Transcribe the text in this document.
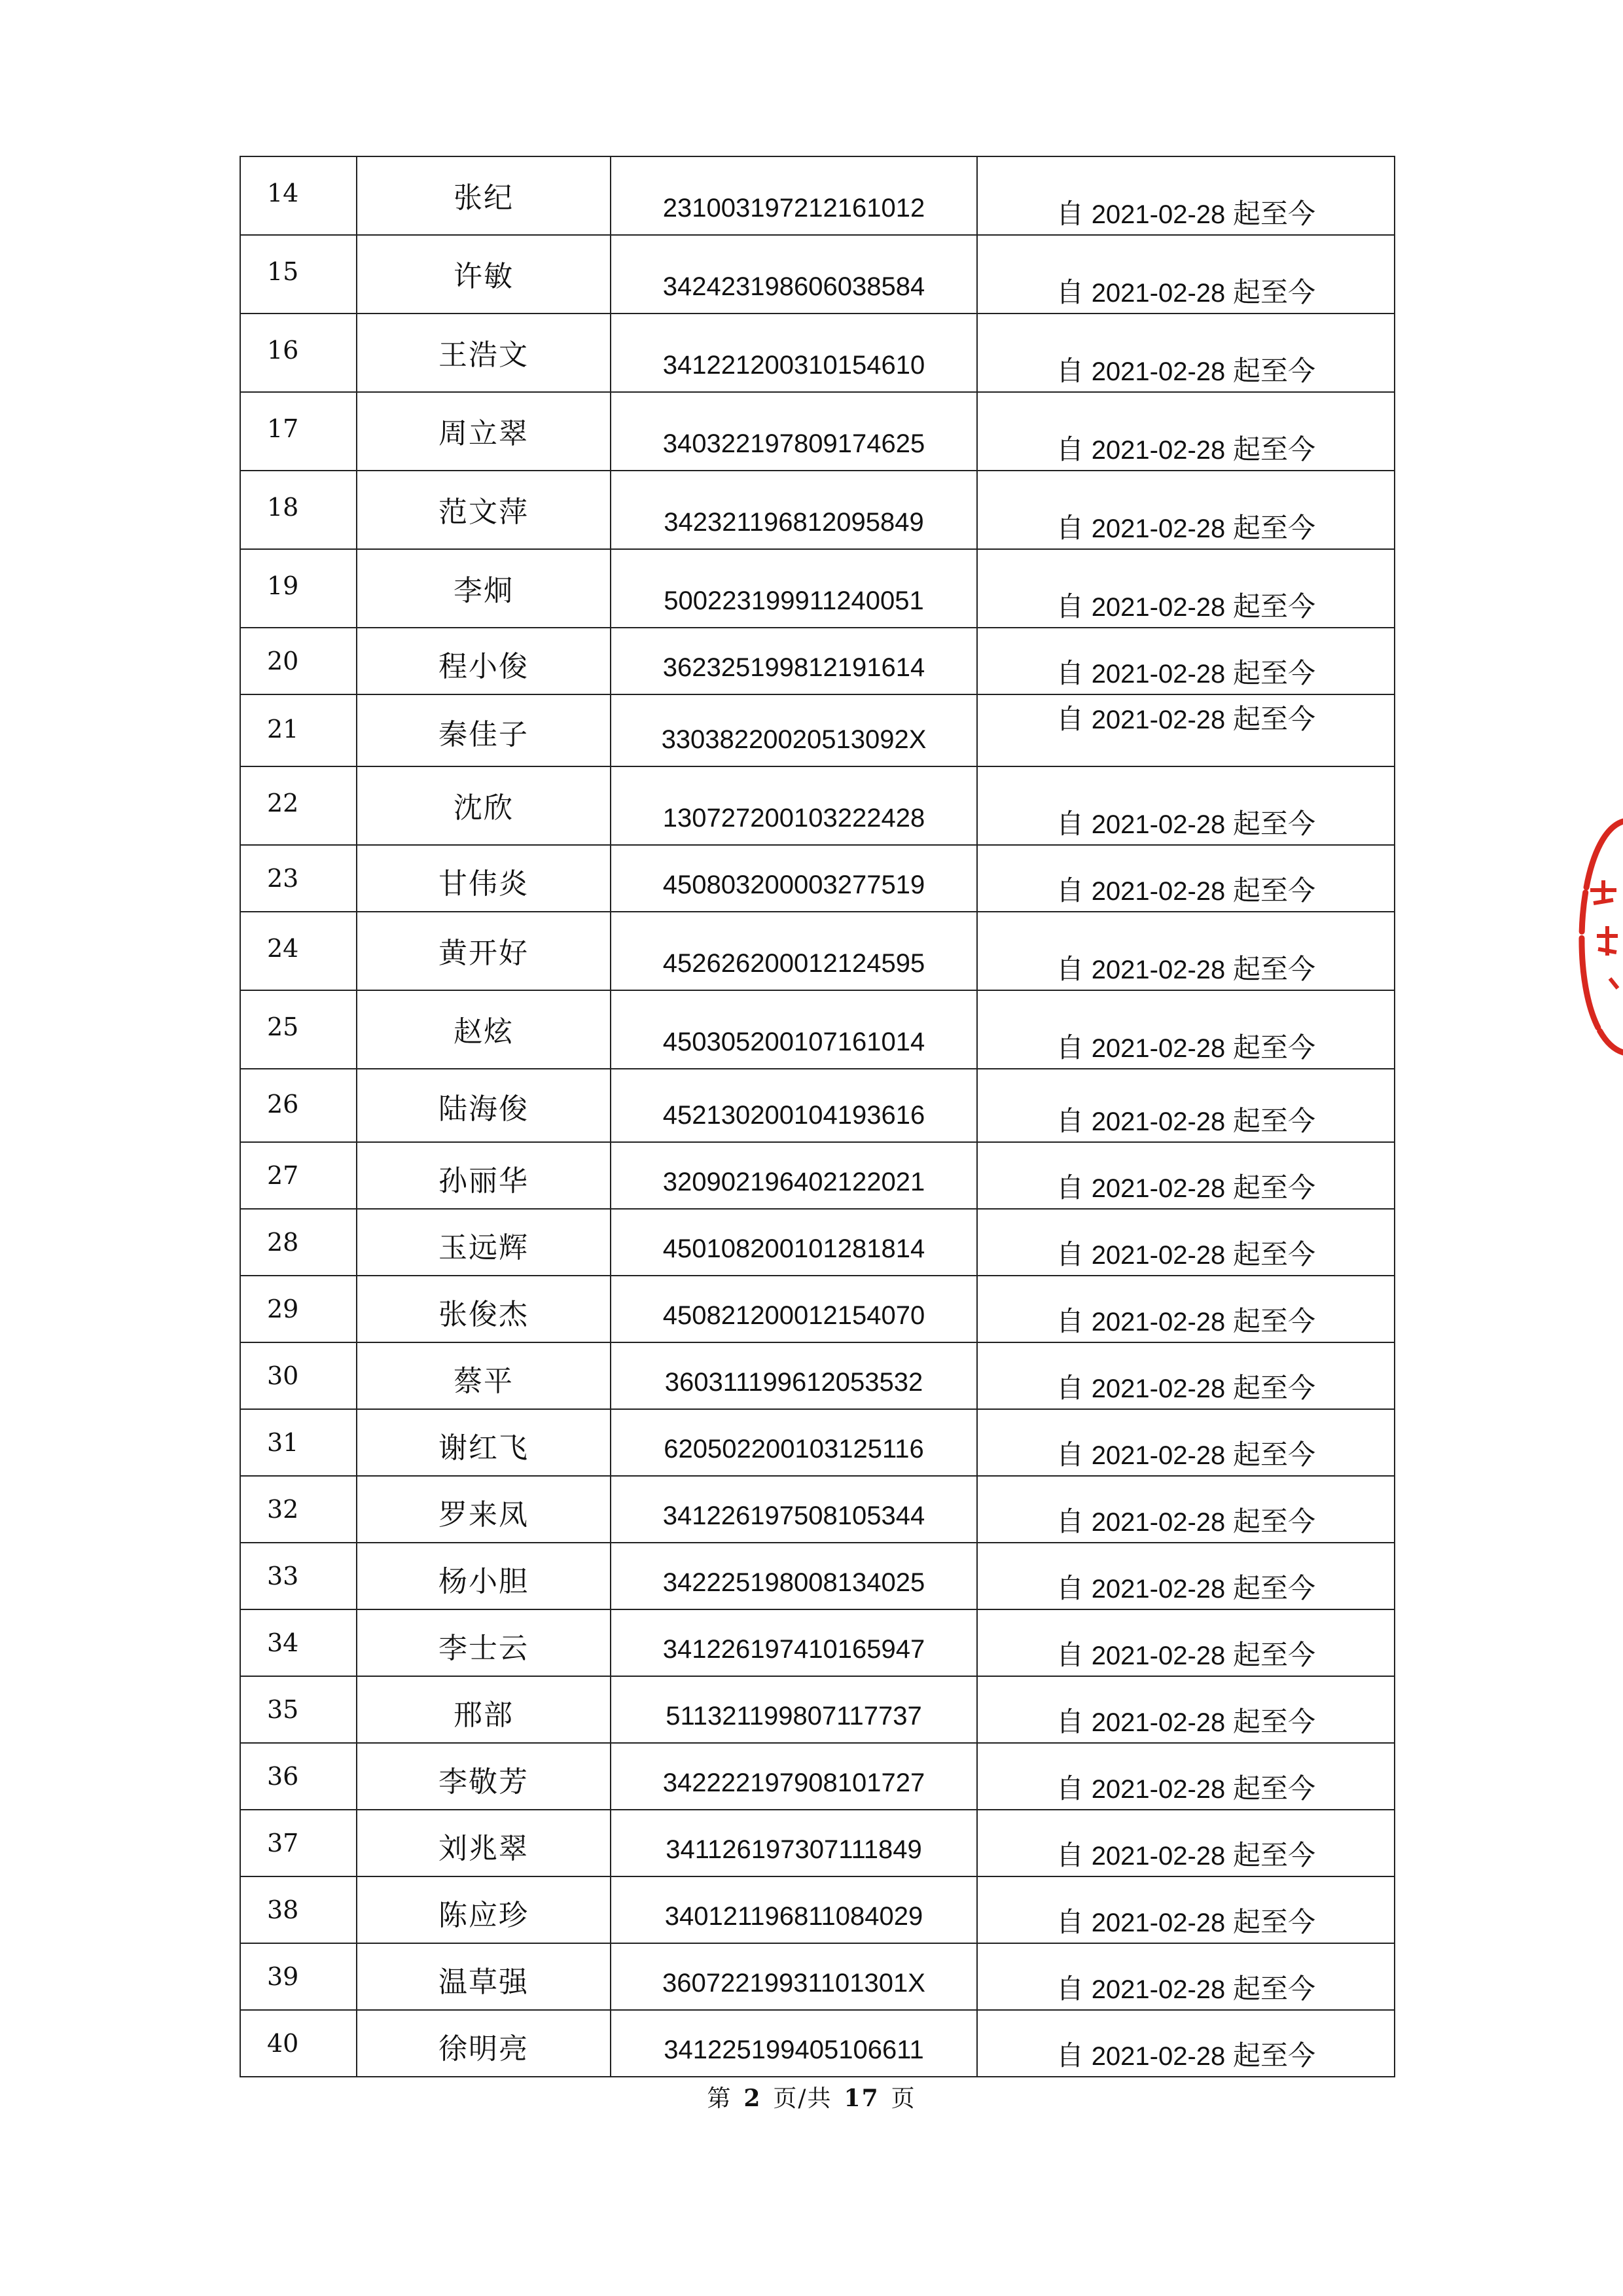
14	张纪	231003197212161012	自 2021-02-28 起至今

15	许敏	342423198606038584	自 2021-02-28 起至今

16	王浩文	341221200310154610	自 2021-02-28 起至今

17	周立翠	340322197809174625	自 2021-02-28 起至今

18	范文萍	342321196812095849	自 2021-02-28 起至今

19	李炯	500223199911240051	自 2021-02-28 起至今

20	程小俊	362325199812191614	自 2021-02-28 起至今

21	秦佳子	33038220020513092X	自 2021-02-28 起至今

22	沈欣	130727200103222428	自 2021-02-28 起至今

23	甘伟炎	450803200003277519	自 2021-02-28 起至今

24	黄开好	452626200012124595	自 2021-02-28 起至今

25	赵炫	450305200107161014	自 2021-02-28 起至今

26	陆海俊	452130200104193616	自 2021-02-28 起至今

27	孙丽华	320902196402122021	自 2021-02-28 起至今

28	玉远辉	450108200101281814	自 2021-02-28 起至今

29	张俊杰	450821200012154070	自 2021-02-28 起至今

30	蔡平	360311199612053532	自 2021-02-28 起至今

31	谢红飞	620502200103125116	自 2021-02-28 起至今

32	罗来凤	341226197508105344	自 2021-02-28 起至今

33	杨小胆	342225198008134025	自 2021-02-28 起至今

34	李士云	341226197410165947	自 2021-02-28 起至今

35	邢部	511321199807117737	自 2021-02-28 起至今

36	李敬芳	342222197908101727	自 2021-02-28 起至今

37	刘兆翠	341126197307111849	自 2021-02-28 起至今

38	陈应珍	340121196811084029	自 2021-02-28 起至今

39	温草强	36072219931101301X	自 2021-02-28 起至今

40	徐明亮	341225199405106611	自 2021-02-28 起至今
第 2 页/共 17 页
